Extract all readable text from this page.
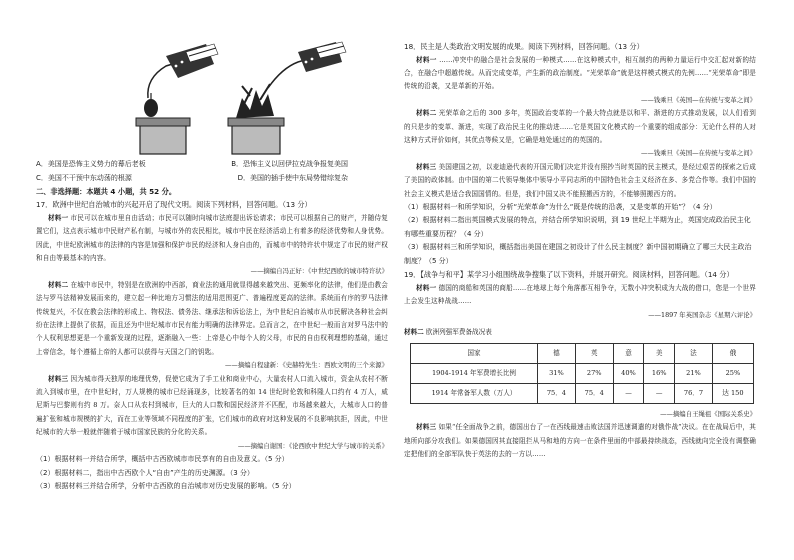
A．美国是恐怖主义势力的幕后老板	B．恐怖主义以回伊拉克战争报复美国
C．美国不干预中东动荡的根源	D．美国的插手使中东局势错综复杂
二、非选择题：本题共 4 小题，共 52 分。
17．欧洲中世纪自治城市的兴起开启了现代文明。阅读下列材料，回答问题。（13 分）
材料一 市民可以在城市里自由活动；市民可以随时向城市法庭提出诉讼请求；市民可以根据自己的财产，并随侍复置它们，这点表示城市中民财产私有制，与城市外的农民相比，城市中民在经济活动上有着多的经济优势和人身优势。因此，中世纪欧洲城市的法律的内容是加强和保护市民的经济和人身自由的，而城市中的特许状中规定了市民的财产权和自由等最基本的内容。
——摘编自冯正好：《中世纪西欧的城市特许状》
材料二 在城中市民中，特别是在欧洲的中西部，商业法的通用就显得越来越突出、更频率化的法律，他们是由教会法与罗马法精神发展而来的，建立起一种比地方习惯法的适用范围更广、普遍程度更高的法律。系统而有序的罗马法律传统复兴，不仅在教会法律的形成上、物权法、债务法、继承法和诉讼法上，为中世纪自治城市从市民解决各种社会纠纷在法律上提供了依据，而且还为中世纪城市市民有能力明确的法律界定。总而言之，在中世纪一般而言对罗马法中的个人权利思想更是一个重新发现的过程，逐渐融入一些：上帝是心中每个人的父母，市民的自由权利理想的基础，通过上帝信念，每个遵循上帝的人都可以获得与天国之门的钥匙。
——摘编自程建新：《史赫特先生：西欧文明的三个来源》
材料三 因为城市得天独厚的地理优势，促使它成为了手工业和商业中心，大量农村人口流入城市，资金从农村不断流入到城市里，在中世纪时，万人规模的城市已经涌现多，比较著名的如 14 世纪时伦敦和科隆人口约有 4 万人，威尼斯与巴黎则有约 8 万。奈人口从农村到城市，巨大的人口数和国民经济并不匹配，市场越来越大，大城市人口的普遍扩张和城市规模的扩大，而在工业等领域不同程度的扩张，它们城市的政府对这种发展的不良影响抗拒，因此，中世纪城市的大举一般就伴随着于城市国家民族的分化的关系。
——摘编自谢国：《论西欧中世纪大学与城市的关系》
（1）根据材料一并结合所学，概括中古西欧城市市民享有的自由及意义。（5 分）
（2）根据材料二，指出中古西欧个人“自由”产生的历史渊源。（3 分）
（3）根据材料三并结合所学，分析中古西欧的自治城市对历史发展的影响。（5 分）
18．民主是人类政治文明发展的成果。阅读下列材料，回答问题。（13 分）
材料一 ……冲突中的融合是社会发展的一种模式……在这种模式中，相互制约的两种力量运行中交汇起对新的结合，在融合中超越传统。从而完成变革，产生新的政治制度。“光荣革命”就是这样模式模式的先例……“光荣革命”即是传统的沿袭，又是革新的开始。
——钱乘旦《英国—在传统与变革之间》
材料二 光荣革命之后的 300 多年，英国政治变革的一个最大特点就是以和平、渐进的方式推动发展，以人们看到的只是步的变革、渐进，实现了政治民主化的推动进……它是英国文化模式的一个重要的组成部分：无论什么样的人对这种方式评价如何，其优点等候又是，它确是地处通过的的英国的。
——钱乘旦《英国—在传统与变革之间》
材料三 美国建国之初，以麦迪逊代表的开国元勋们决定并没有照抄当时英国的民主模式，是经过艰苦的探索之后成了美国的政体制。由中国的第二代领导集体中领导小平同志所的中国特色社会主义经济在多、多党合作等。我们中国的社会主义模式是适合我国国情的。但是，我们中国又决不能照搬西方的，不能够照搬西方的。
（1）根据材料一和所学知识，分析“光荣革命”为什么“既是传统的沿袭，又是变革的开始”？（4 分）
（2）根据材料二指出英国模式发展的特点，并结合所学知识说明，到 19 世纪上半期为止，英国完成政治民主化有哪些重要历程？（4 分）
（3）根据材料三和所学知识，概括指出美国在建国之初设计了什么民主制度？新中国初期确立了哪三大民主政治制度？（5 分）
19．【战争与和平】某学习小组围绕战争搜集了以下资料，并展开研究。阅读材料，回答问题。（14 分）
材料一 德国的商船和英国的商船……在地球上每个角落都互相争夺，无数小冲突积成为大战的借口，您是一个世界上会发生这种战战……
——1897 年英国杂志《星期六评论》
材料二 欧洲列强军费备战况表
国家	德	英	意	美	法	俄
1904-1914 年军费增长比例	31%	27%	40%	16%	21%	25%
1914 年常备军人数（万人）	75．4	75．4	—	—	76．7	达 150
——摘编自王绳祖《国际关系史》
材料三 如果“任全面战争之前，德国出台了一在西线最速击败法国并迅速调遣的对俄作战”决议。在在战局后中，其地所向部分攻我们。如果德国因其直接阻拦从马和地的方向一在条件里面的中部最持续战态，西线就向完全没有调整确定把他们的全部军队快于英法的去的一方以……
